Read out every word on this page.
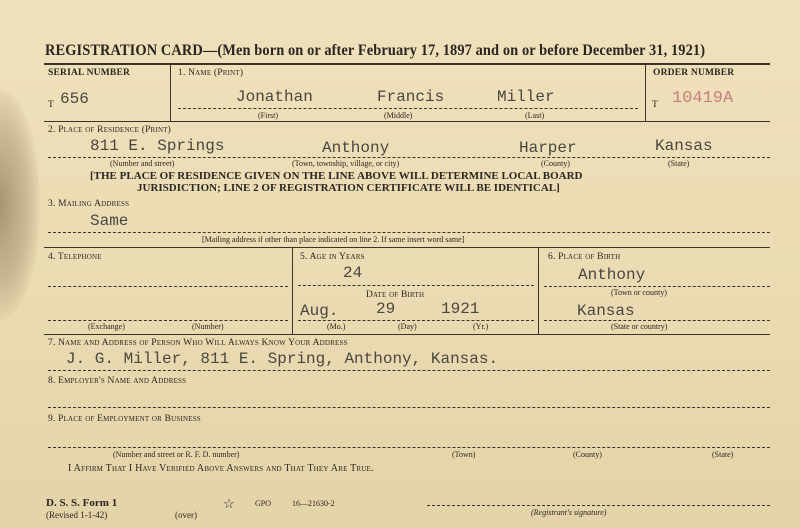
REGISTRATION CARD—(Men born on or after February 17, 1897 and on or before December 31, 1921)
SERIAL NUMBER
T 656
1. Name (Print)
Jonathan	Francis	Miller
(First)	(Middle)	(Last)
ORDER NUMBER
T 10419A
2. Place of Residence (Print)
811 E. Springs	Anthony	Harper	Kansas
(Number and street)	(Town, township, village, or city)	(County)	(State)
[THE PLACE OF RESIDENCE GIVEN ON THE LINE ABOVE WILL DETERMINE LOCAL BOARD
JURISDICTION; LINE 2 OF REGISTRATION CERTIFICATE WILL BE IDENTICAL]
3. Mailing Address
Same
[Mailing address if other than place indicated on line 2. If same insert word same]
4. Telephone
(Exchange)	(Number)
5. Age in Years
24
Date of Birth
Aug. 29	1921
(Mo.)	(Day)	(Yr.)
6. Place of Birth
Anthony
(Town or county)
Kansas
(State or country)
7. Name and Address of Person Who Will Always Know Your Address
J. G. Miller, 811 E. Spring, Anthony, Kansas.
8. Employer's Name and Address
9. Place of Employment or Business
(Number and street or R. F. D. number)	(Town)	(County)	(State)
I Affirm That I Have Verified Above Answers and That They Are True.
D. S. S. Form 1
(Revised 1-1-42)	(over)
☆	GPO	16—21630-2
(Registrant's signature)
